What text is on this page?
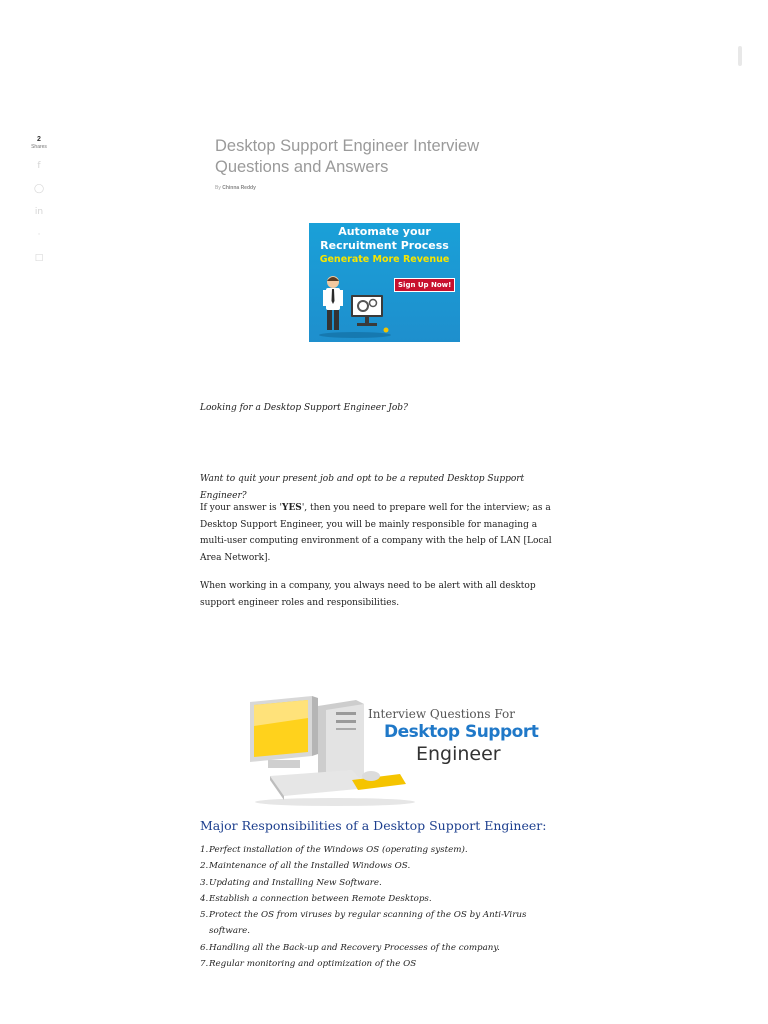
2
Shares
f
◯
in
·
□
Desktop Support Engineer Interview Questions and Answers
By Chinna Reddy
Automate your
Recruitment Process
Generate More Revenue
Sign Up Now!

Looking for a Desktop Support Engineer Job?

Want to quit your present job and opt to be a reputed Desktop Support Engineer?

If your answer is 'YES', then you need to prepare well for the interview; as a Desktop Support Engineer, you will be mainly responsible for managing a multi-user computing environment of a company with the help of LAN [Local Area Network].

When working in a company, you always need to be alert with all desktop support engineer roles and responsibilities.

Interview Questions For
Desktop Support
Engineer
Major Responsibilities of a Desktop Support Engineer:
1. Perfect installation of the Windows OS (operating system).
2. Maintenance of all the Installed Windows OS.
3. Updating and Installing New Software.
4. Establish a connection between Remote Desktops.
5. Protect the OS from viruses by regular scanning of the OS by Anti-Virus software.
6. Handling all the Back-up and Recovery Processes of the company.
7. Regular monitoring and optimization of the OS
